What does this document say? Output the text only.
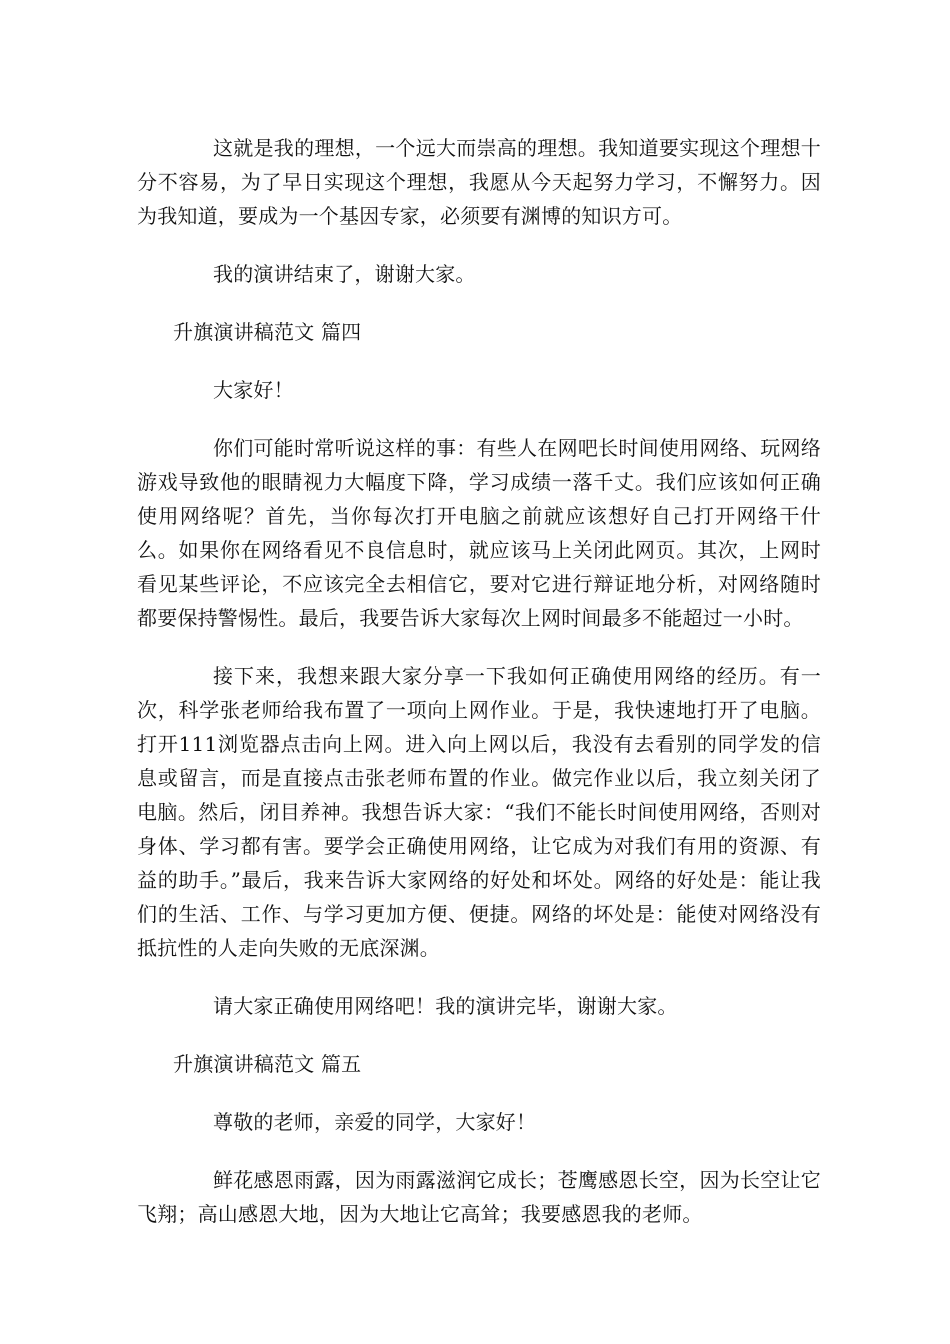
这就是我的理想，一个远大而崇高的理想。我知道要实现这个理想十分不容易，为了早日实现这个理想，我愿从今天起努力学习，不懈努力。因为我知道，要成为一个基因专家，必须要有渊博的知识方可。

我的演讲结束了，谢谢大家。

升旗演讲稿范文 篇四

大家好！

你们可能时常听说这样的事：有些人在网吧长时间使用网络、玩网络游戏导致他的眼睛视力大幅度下降，学习成绩一落千丈。我们应该如何正确使用网络呢？首先，当你每次打开电脑之前就应该想好自己打开网络干什么。如果你在网络看见不良信息时，就应该马上关闭此网页。其次，上网时看见某些评论，不应该完全去相信它，要对它进行辩证地分析，对网络随时都要保持警惕性。最后，我要告诉大家每次上网时间最多不能超过一小时。

接下来，我想来跟大家分享一下我如何正确使用网络的经历。有一次，科学张老师给我布置了一项向上网作业。于是，我快速地打开了电脑。打开111浏览器点击向上网。进入向上网以后，我没有去看别的同学发的信息或留言，而是直接点击张老师布置的作业。做完作业以后，我立刻关闭了电脑。然后，闭目养神。我想告诉大家：“我们不能长时间使用网络，否则对身体、学习都有害。要学会正确使用网络，让它成为对我们有用的资源、有益的助手。”最后，我来告诉大家网络的好处和坏处。网络的好处是：能让我们的生活、工作、与学习更加方便、便捷。网络的坏处是：能使对网络没有抵抗性的人走向失败的无底深渊。

请大家正确使用网络吧！我的演讲完毕，谢谢大家。

升旗演讲稿范文 篇五

尊敬的老师，亲爱的同学，大家好！

鲜花感恩雨露，因为雨露滋润它成长；苍鹰感恩长空，因为长空让它飞翔；高山感恩大地，因为大地让它高耸；我要感恩我的老师。
